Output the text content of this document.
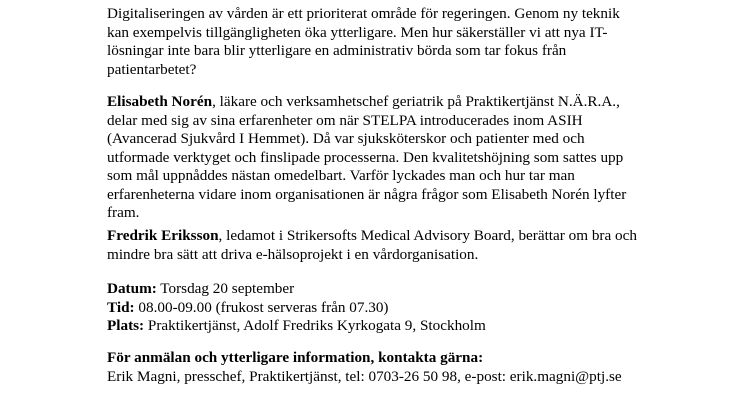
Digitaliseringen av vården är ett prioriterat område för regeringen. Genom ny teknik
kan exempelvis tillgängligheten öka ytterligare. Men hur säkerställer vi att nya IT-
lösningar inte bara blir ytterligare en administrativ börda som tar fokus från
patientarbetet?
Elisabeth Norén, läkare och verksamhetschef geriatrik på Praktikertjänst N.Ä.R.A.,
delar med sig av sina erfarenheter om när STELPA introducerades inom ASIH
(Avancerad Sjukvård I Hemmet). Då var sjuksköterskor och patienter med och
utformade verktyget och finslipade processerna. Den kvalitetshöjning som sattes upp
som mål uppnåddes nästan omedelbart. Varför lyckades man och hur tar man
erfarenheterna vidare inom organisationen är några frågor som Elisabeth Norén lyfter
fram.
Fredrik Eriksson, ledamot i Strikersofts Medical Advisory Board, berättar om bra och
mindre bra sätt att driva e-hälsoprojekt i en vårdorganisation.
Datum: Torsdag 20 september
Tid: 08.00-09.00 (frukost serveras från 07.30)
Plats: Praktikertjänst, Adolf Fredriks Kyrkogata 9, Stockholm
För anmälan och ytterligare information, kontakta gärna:
Erik Magni, presschef, Praktikertjänst, tel: 0703-26 50 98, e-post: erik.magni@ptj.se
